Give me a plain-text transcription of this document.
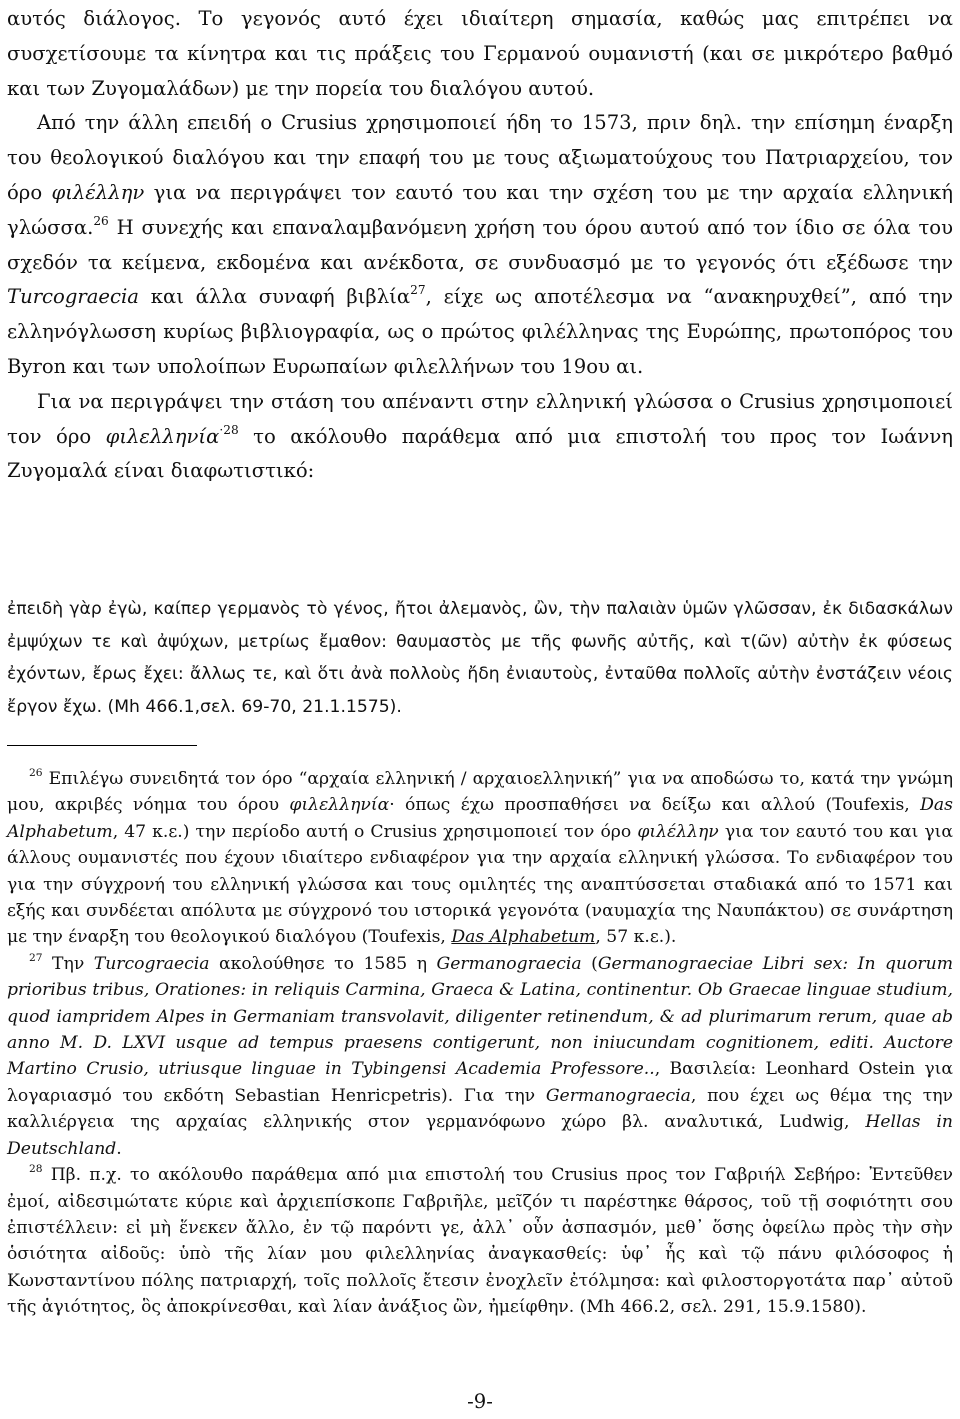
αυτός διάλογος. Το γεγονός αυτό έχει ιδιαίτερη σημασία, καθώς μας επιτρέπει να συσχετίσουμε τα κίνητρα και τις πράξεις του Γερμανού ουμανιστή (και σε μικρότερο βαθμό και των Ζυγομαλάδων) με την πορεία του διαλόγου αυτού.

Από την άλλη επειδή ο Crusius χρησιμοποιεί ήδη το 1573, πριν δηλ. την επίσημη έναρξη του θεολογικού διαλόγου και την επαφή του με τους αξιωματούχους του Πατριαρχείου, τον όρο φιλέλλην για να περιγράψει τον εαυτό του και την σχέση του με την αρχαία ελληνική γλώσσα.$^{26}$ Η συνεχής και επαναλαμβανόμενη χρήση του όρου αυτού από τον ίδιο σε όλα του σχεδόν τα κείμενα, εκδομένα και ανέκδοτα, σε συνδυασμό με το γεγονός ότι εξέδωσε την Turcograecia και άλλα συναφή βιβλία$^{27}$, είχε ως αποτέλεσμα να “ανακηρυχθεί”, από την ελληνόγλωσση κυρίως βιβλιογραφία, ως ο πρώτος φιλέλληνας της Ευρώπης, πρωτοπόρος του Byron και των υπολοίπων Ευρωπαίων φιλελλήνων του 19ου αι.

Για να περιγράψει την στάση του απέναντι στην ελληνική γλώσσα ο Crusius χρησιμοποιεί τον όρο φιλελληνία$^{\cdot 28}$ το ακόλουθο παράθεμα από μια επιστολή του προς τον Ιωάννη Ζυγομαλά είναι διαφωτιστικό:

ἐπειδὴ γὰρ ἐγὼ, καίπερ γερμανὸς τὸ γένος, ἤτοι ἀλεμανὸς, ὢν, τὴν παλαιὰν ὑμῶν γλῶσσαν, ἐκ διδασκάλων ἐμψύχων τε καὶ ἀψύχων, μετρίως ἔμαθον: θαυμαστὸς με τῆς φωνῆς αὐτῆς, καὶ τ(ῶν) αὐτὴν ἐκ φύσεως ἐχόντων, ἔρως ἔχει: ἄλλως τε, καὶ ὅτι ἀνὰ πολλοὺς ἤδη ἐνιαυτοὺς, ἐνταῦθα πολλοῖς αὐτὴν ἐνστάζειν νέοις ἔργον ἔχω. (Mh 466.1,σελ. 69-70, 21.1.1575).

$^{26}$ Επιλέγω συνειδητά τον όρο “αρχαία ελληνική / αρχαιοελληνική” για να αποδώσω το, κατά την γνώμη μου, ακριβές νόημα του όρου φιλελληνία· όπως έχω προσπαθήσει να δείξω και αλλού (Toufexis, Das Alphabetum, 47 κ.ε.) την περίοδο αυτή ο Crusius χρησιμοποιεί τον όρο φιλέλλην για τον εαυτό του και για άλλους ουμανιστές που έχουν ιδιαίτερο ενδιαφέρον για την αρχαία ελληνική γλώσσα. Το ενδιαφέρον του για την σύγχρονή του ελληνική γλώσσα και τους ομιλητές της αναπτύσσεται σταδιακά από το 1571 και εξής και συνδέεται απόλυτα με σύγχρονό του ιστορικά γεγονότα (ναυμαχία της Ναυπάκτου) σε συνάρτηση με την έναρξη του θεολογικού διαλόγου (Toufexis, Das Alphabetum, 57 κ.ε.).

$^{27}$ Την Turcograecia ακολούθησε το 1585 η Germanograecia (Germanograeciae Libri sex: In quorum prioribus tribus, Orationes: in reliquis Carmina, Graeca & Latina, continentur. Ob Graecae linguae studium, quod iampridem Alpes in Germaniam transvolavit, diligenter retinendum, & ad plurimarum rerum, quae ab anno M. D. LXVI usque ad tempus praesens contigerunt, non iniucundam cognitionem, editi. Auctore Martino Crusio, utriusque linguae in Tybingensi Academia Professore.., Βασιλεία: Leonhard Ostein για λογαριασμό του εκδότη Sebastian Henricpetris). Για την Germanograecia, που έχει ως θέμα της την καλλιέργεια της αρχαίας ελληνικής στον γερμανόφωνο χώρο βλ. αναλυτικά, Ludwig, Hellas in Deutschland.

$^{28}$ Πβ. π.χ. το ακόλουθο παράθεμα από μια επιστολή του Crusius προς τον Γαβριήλ Σεβήρο: Ἐντεῦθεν ἐμοί, αἰδεσιμώτατε κύριε καὶ ἀρχιεπίσκοπε Γαβριῆλε, μεῖζόν τι παρέστηκε θάρσος, τοῦ τῇ σοφιότητι σου ἐπιστέλλειν: εἰ μὴ ἕνεκεν ἄλλο, ἐν τῷ παρόντι γε, ἀλλ᾽ οὖν ἀσπασμόν, μεθ᾽ ὅσης ὀφείλω πρὸς τὴν σὴν ὁσιότητα αἰδοῦς: ὑπὸ τῆς λίαν μου φιλελληνίας ἀναγκασθείς: ὑφ᾽ ἧς καὶ τῷ πάνυ φιλόσοφος ἡ Κωνσταντίνου πόλης πατριαρχή, τοῖς πολλοῖς ἔτεσιν ἐνοχλεῖν ἐτόλμησα: καὶ φιλοστοργοτάτα παρ᾽ αὐτοῦ τῆς ἁγιότητος, ὃς ἀποκρίνεσθαι, καὶ λίαν ἀνάξιος ὢν, ἠμείφθην. (Mh 466.2, σελ. 291, 15.9.1580).

-9-
